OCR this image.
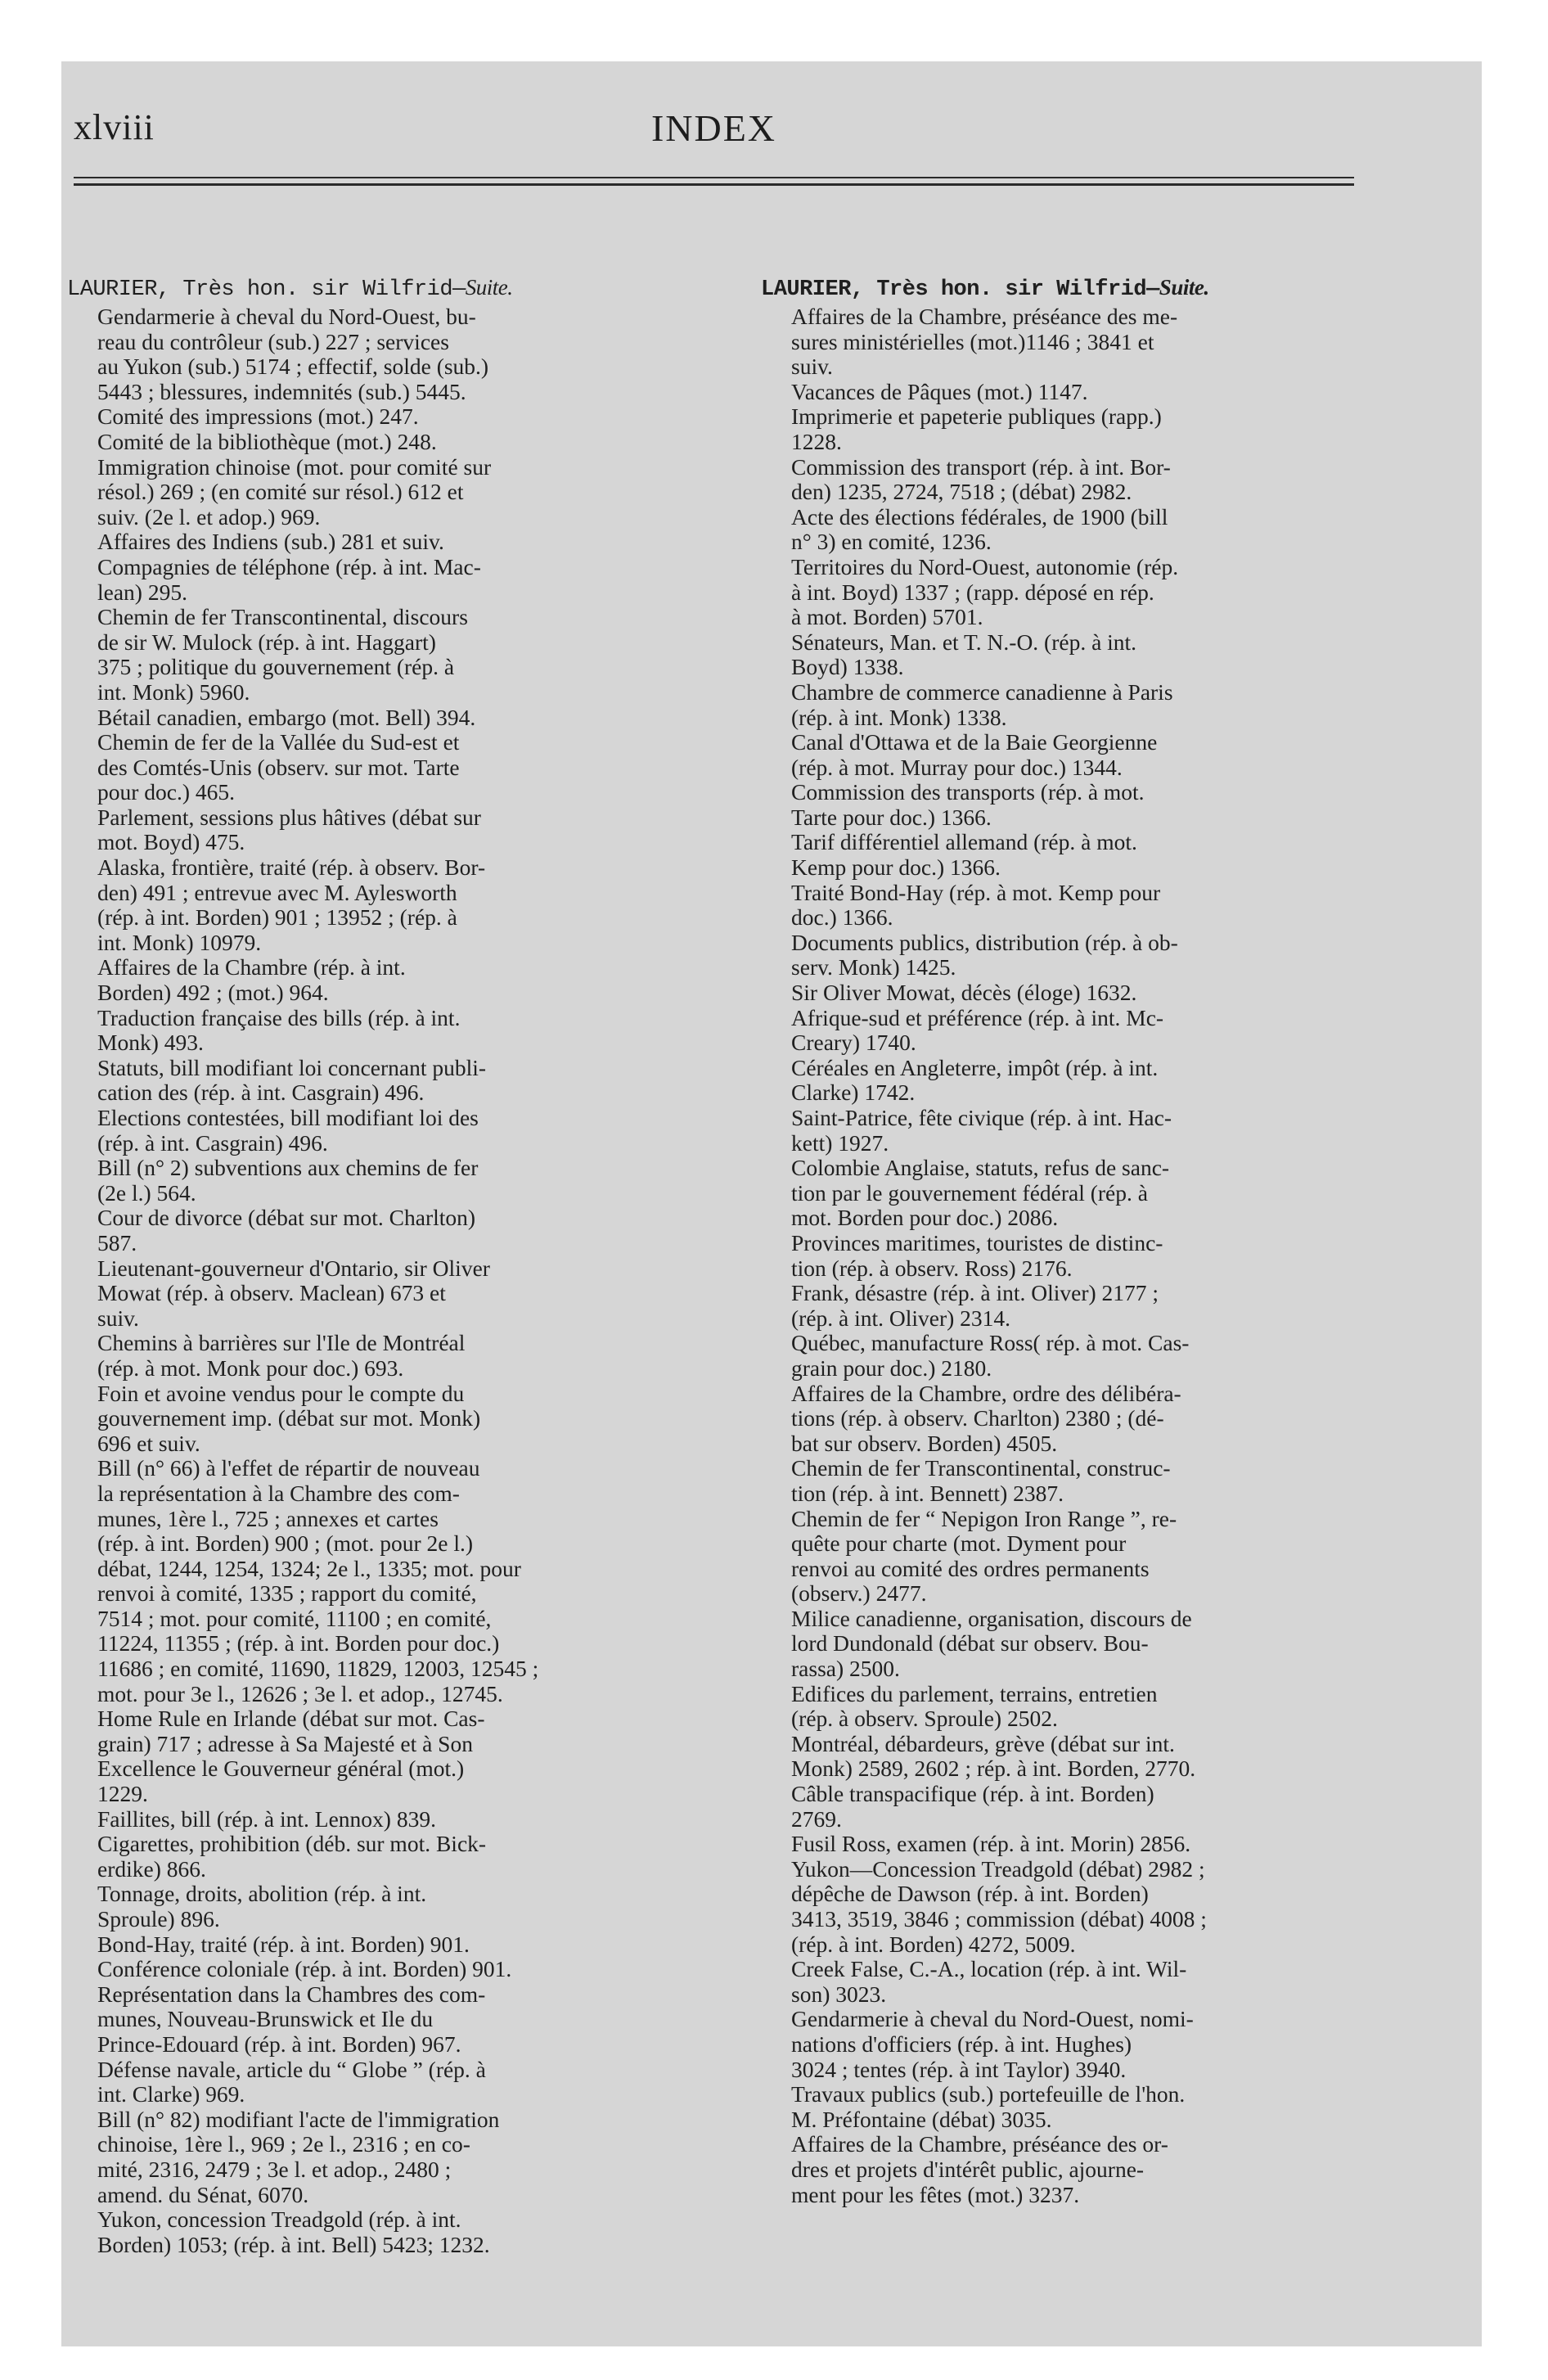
xlviii	INDEX
LAURIER, Très hon. sir Wilfrid—Suite.
Gendarmerie à cheval du Nord-Ouest, bu-
reau du contrôleur (sub.) 227 ; services
au Yukon (sub.) 5174 ; effectif, solde (sub.)
5443 ; blessures, indemnités (sub.) 5445.
Comité des impressions (mot.) 247.
Comité de la bibliothèque (mot.) 248.
Immigration chinoise (mot. pour comité sur
résol.) 269 ; (en comité sur résol.) 612 et
suiv. (2e l. et adop.) 969.
Affaires des Indiens (sub.) 281 et suiv.
Compagnies de téléphone (rép. à int. Mac-
lean) 295.
Chemin de fer Transcontinental, discours
de sir W. Mulock (rép. à int. Haggart)
375 ; politique du gouvernement (rép. à
int. Monk) 5960.
Bétail canadien, embargo (mot. Bell) 394.
Chemin de fer de la Vallée du Sud-est et
des Comtés-Unis (observ. sur mot. Tarte
pour doc.) 465.
Parlement, sessions plus hâtives (débat sur
mot. Boyd) 475.
Alaska, frontière, traité (rép. à observ. Bor-
den) 491 ; entrevue avec M. Aylesworth
(rép. à int. Borden) 901 ; 13952 ; (rép. à
int. Monk) 10979.
Affaires de la Chambre (rép. à int.
Borden) 492 ; (mot.) 964.
Traduction française des bills (rép. à int.
Monk) 493.
Statuts, bill modifiant loi concernant publi-
cation des (rép. à int. Casgrain) 496.
Elections contestées, bill modifiant loi des
(rép. à int. Casgrain) 496.
Bill (n° 2) subventions aux chemins de fer
(2e l.) 564.
Cour de divorce (débat sur mot. Charlton)
587.
Lieutenant-gouverneur d'Ontario, sir Oliver
Mowat (rép. à observ. Maclean) 673 et
suiv.
Chemins à barrières sur l'Ile de Montréal
(rép. à mot. Monk pour doc.) 693.
Foin et avoine vendus pour le compte du
gouvernement imp. (débat sur mot. Monk)
696 et suiv.
Bill (n° 66) à l'effet de répartir de nouveau
la représentation à la Chambre des com-
munes, 1ère l., 725 ; annexes et cartes
(rép. à int. Borden) 900 ; (mot. pour 2e l.)
débat, 1244, 1254, 1324; 2e l., 1335; mot. pour
renvoi à comité, 1335 ; rapport du comité,
7514 ; mot. pour comité, 11100 ; en comité,
11224, 11355 ; (rép. à int. Borden pour doc.)
11686 ; en comité, 11690, 11829, 12003, 12545 ;
mot. pour 3e l., 12626 ; 3e l. et adop., 12745.
Home Rule en Irlande (débat sur mot. Cas-
grain) 717 ; adresse à Sa Majesté et à Son
Excellence le Gouverneur général (mot.)
1229.
Faillites, bill (rép. à int. Lennox) 839.
Cigarettes, prohibition (déb. sur mot. Bick-
erdike) 866.
Tonnage, droits, abolition (rép. à int.
Sproule) 896.
Bond-Hay, traité (rép. à int. Borden) 901.
Conférence coloniale (rép. à int. Borden) 901.
Représentation dans la Chambres des com-
munes, Nouveau-Brunswick et Ile du
Prince-Edouard (rép. à int. Borden) 967.
Défense navale, article du “ Globe ” (rép. à
int. Clarke) 969.
Bill (n° 82) modifiant l'acte de l'immigration
chinoise, 1ère l., 969 ; 2e l., 2316 ; en co-
mité, 2316, 2479 ; 3e l. et adop., 2480 ;
amend. du Sénat, 6070.
Yukon, concession Treadgold (rép. à int.
Borden) 1053; (rép. à int. Bell) 5423; 1232.
LAURIER, Très hon. sir Wilfrid—Suite.
Affaires de la Chambre, préséance des me-
sures ministérielles (mot.)1146 ; 3841 et
suiv.
Vacances de Pâques (mot.) 1147.
Imprimerie et papeterie publiques (rapp.)
1228.
Commission des transport (rép. à int. Bor-
den) 1235, 2724, 7518 ; (débat) 2982.
Acte des élections fédérales, de 1900 (bill
n° 3) en comité, 1236.
Territoires du Nord-Ouest, autonomie (rép.
à int. Boyd) 1337 ; (rapp. déposé en rép.
à mot. Borden) 5701.
Sénateurs, Man. et T. N.-O. (rép. à int.
Boyd) 1338.
Chambre de commerce canadienne à Paris
(rép. à int. Monk) 1338.
Canal d'Ottawa et de la Baie Georgienne
(rép. à mot. Murray pour doc.) 1344.
Commission des transports (rép. à mot.
Tarte pour doc.) 1366.
Tarif différentiel allemand (rép. à mot.
Kemp pour doc.) 1366.
Traité Bond-Hay (rép. à mot. Kemp pour
doc.) 1366.
Documents publics, distribution (rép. à ob-
serv. Monk) 1425.
Sir Oliver Mowat, décès (éloge) 1632.
Afrique-sud et préférence (rép. à int. Mc-
Creary) 1740.
Céréales en Angleterre, impôt (rép. à int.
Clarke) 1742.
Saint-Patrice, fête civique (rép. à int. Hac-
kett) 1927.
Colombie Anglaise, statuts, refus de sanc-
tion par le gouvernement fédéral (rép. à
mot. Borden pour doc.) 2086.
Provinces maritimes, touristes de distinc-
tion (rép. à observ. Ross) 2176.
Frank, désastre (rép. à int. Oliver) 2177 ;
(rép. à int. Oliver) 2314.
Québec, manufacture Ross( rép. à mot. Cas-
grain pour doc.) 2180.
Affaires de la Chambre, ordre des délibéra-
tions (rép. à observ. Charlton) 2380 ; (dé-
bat sur observ. Borden) 4505.
Chemin de fer Transcontinental, construc-
tion (rép. à int. Bennett) 2387.
Chemin de fer “ Nepigon Iron Range ”, re-
quête pour charte (mot. Dyment pour
renvoi au comité des ordres permanents
(observ.) 2477.
Milice canadienne, organisation, discours de
lord Dundonald (débat sur observ. Bou-
rassa) 2500.
Edifices du parlement, terrains, entretien
(rép. à observ. Sproule) 2502.
Montréal, débardeurs, grève (débat sur int.
Monk) 2589, 2602 ; rép. à int. Borden, 2770.
Câble transpacifique (rép. à int. Borden)
2769.
Fusil Ross, examen (rép. à int. Morin) 2856.
Yukon—Concession Treadgold (débat) 2982 ;
dépêche de Dawson (rép. à int. Borden)
3413, 3519, 3846 ; commission (débat) 4008 ;
(rép. à int. Borden) 4272, 5009.
Creek False, C.-A., location (rép. à int. Wil-
son) 3023.
Gendarmerie à cheval du Nord-Ouest, nomi-
nations d'officiers (rép. à int. Hughes)
3024 ; tentes (rép. à int Taylor) 3940.
Travaux publics (sub.) portefeuille de l'hon.
M. Préfontaine (débat) 3035.
Affaires de la Chambre, préséance des or-
dres et projets d'intérêt public, ajourne-
ment pour les fêtes (mot.) 3237.
